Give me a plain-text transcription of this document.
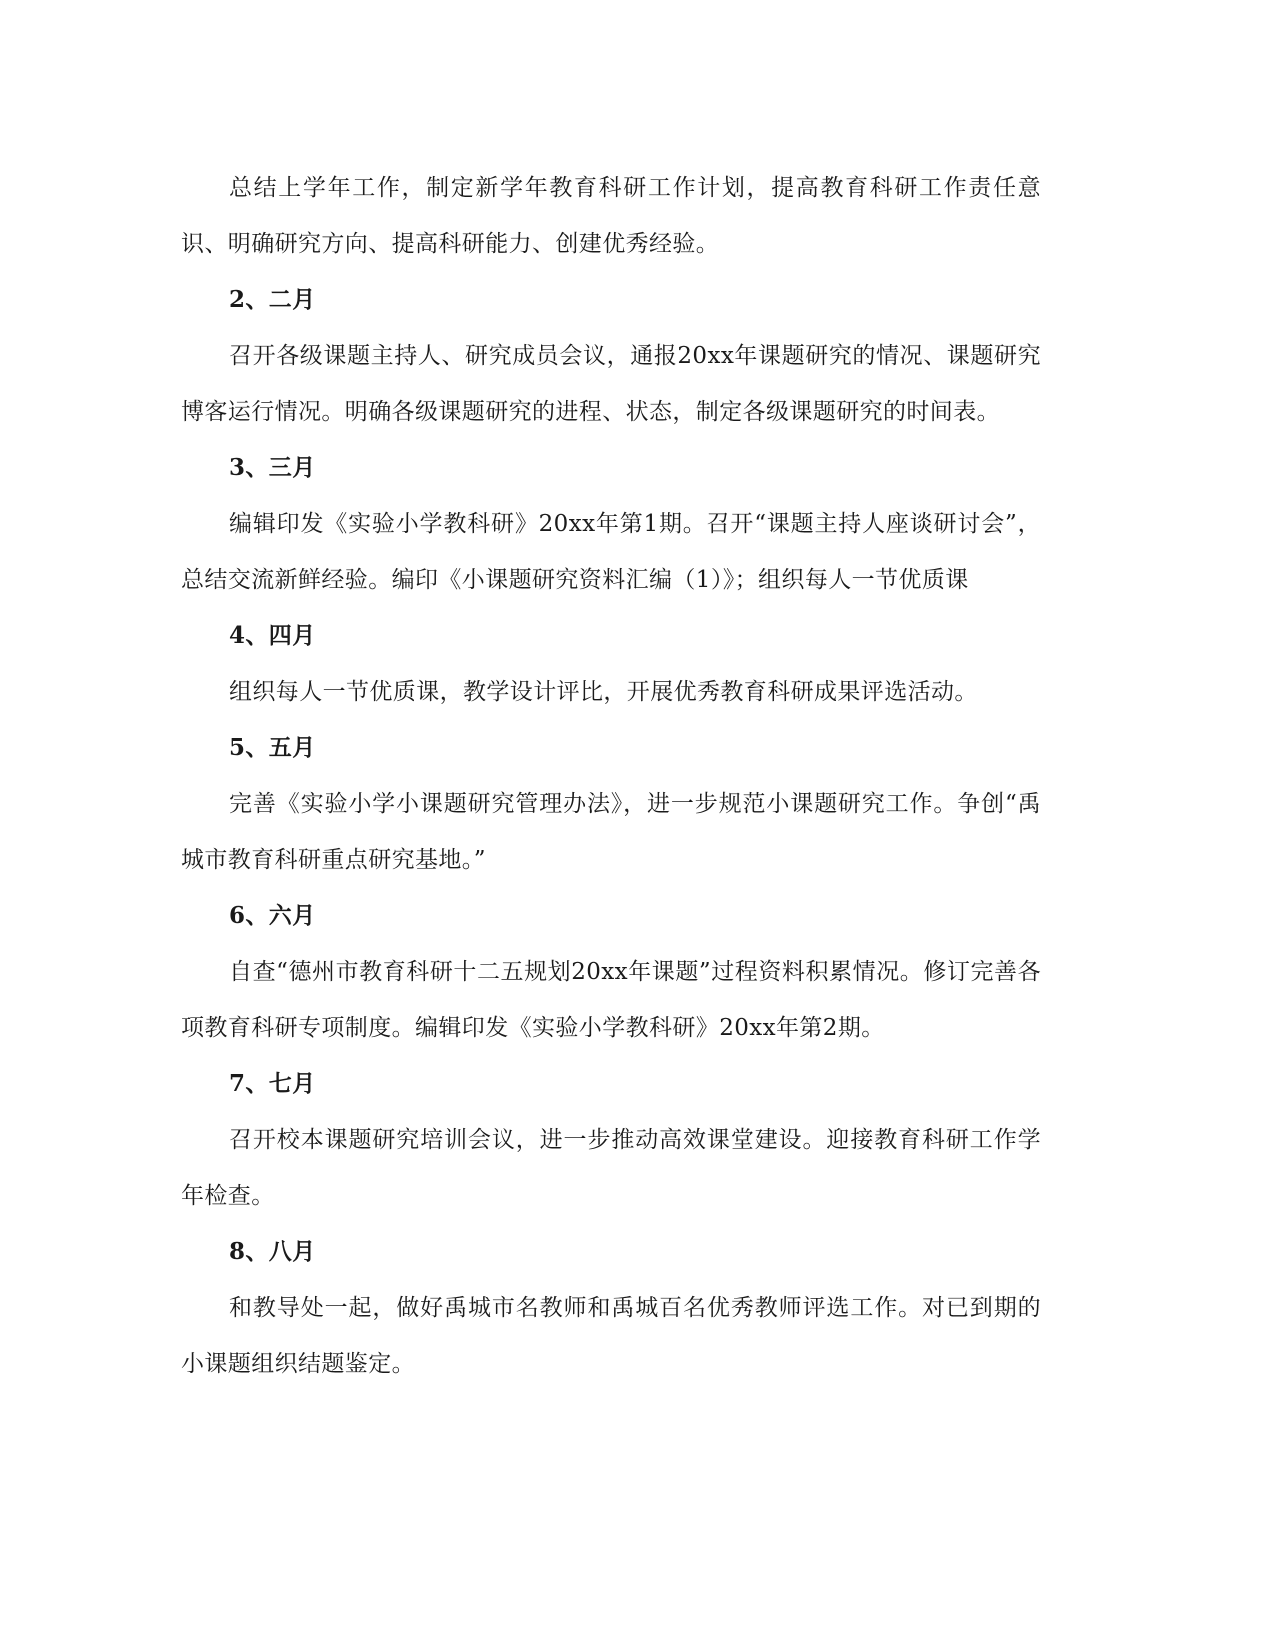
总结上学年工作，制定新学年教育科研工作计划，提高教育科研工作责任意识、明确研究方向、提高科研能力、创建优秀经验。

2、二月

召开各级课题主持人、研究成员会议，通报20xx年课题研究的情况、课题研究博客运行情况。明确各级课题研究的进程、状态，制定各级课题研究的时间表。

3、三月

编辑印发《实验小学教科研》20xx年第1期。召开“课题主持人座谈研讨会”，总结交流新鲜经验。编印《小课题研究资料汇编（1）》；组织每人一节优质课

4、四月

组织每人一节优质课，教学设计评比，开展优秀教育科研成果评选活动。

5、五月

完善《实验小学小课题研究管理办法》，进一步规范小课题研究工作。争创“禹城市教育科研重点研究基地。”

6、六月

自查“德州市教育科研十二五规划20xx年课题”过程资料积累情况。修订完善各项教育科研专项制度。编辑印发《实验小学教科研》20xx年第2期。

7、七月

召开校本课题研究培训会议，进一步推动高效课堂建设。迎接教育科研工作学年检查。

8、八月

和教导处一起，做好禹城市名教师和禹城百名优秀教师评选工作。对已到期的小课题组织结题鉴定。
